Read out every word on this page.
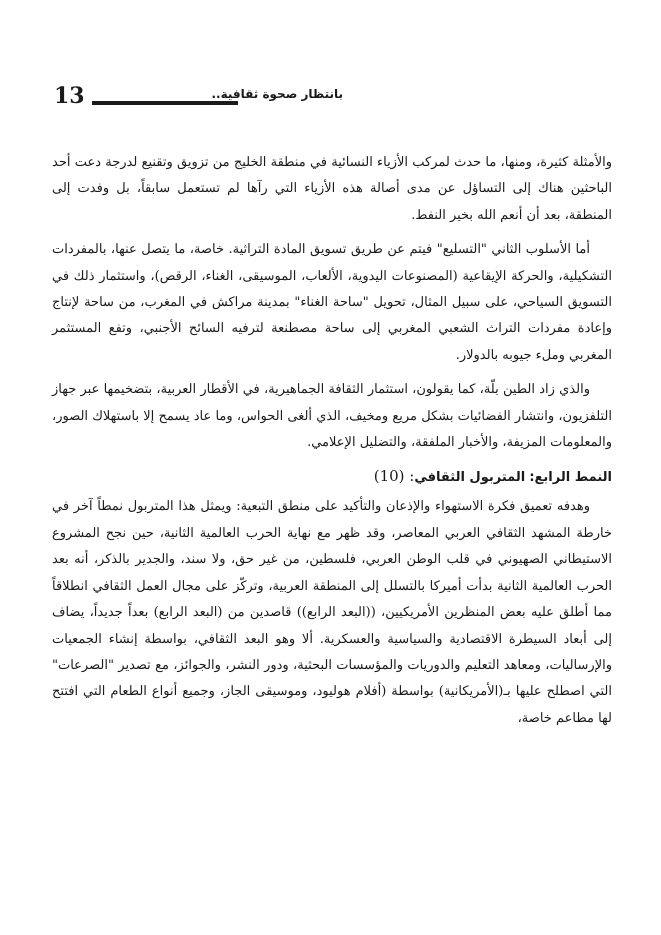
13	بانتظار صحوة ثقافية..

والأمثلة كثيرة، ومنها، ما حدث لمركب الأزياء النسائية في منطقة الخليج من تزويق وتقنيع لدرجة دعت أحد الباحثين هناك إلى التساؤل عن مدى أصالة هذه الأزياء التي رآها لم تستعمل سابقاً، بل وفدت إلى المنطقة، بعد أن أنعم الله بخير النفط.

أما الأسلوب الثاني "التسليع" فيتم عن طريق تسويق المادة التراثية. خاصة، ما يتصل عنها، بالمفردات التشكيلية، والحركة الإيقاعية (المصنوعات اليدوية، الألعاب، الموسيقى، الغناء، الرقص)، واستثمار ذلك في التسويق السياحي، على سبيل المثال، تحويل "ساحة الغناء" بمدينة مراكش في المغرب، من ساحة لإنتاج وإعادة مفردات التراث الشعبي المغربي إلى ساحة مصطنعة لترفيه السائح الأجنبي، وتفع المستثمر المغربي وملء جيوبه بالدولار.

والذي زاد الطين بلّة، كما يقولون، استثمار الثقافة الجماهيرية، في الأقطار العربية، بتضخيمها عبر جهاز التلفزيون، وانتشار الفضائيات بشكل مريع ومخيف، الذي ألغى الحواس، وما عاد يسمح إلا باستهلاك الصور، والمعلومات المزيفة، والأخبار الملفقة، والتضليل الإعلامي.

النمط الرابع: المتربول الثقافي: (10)

وهدفه تعميق فكرة الاستهواء والإذعان والتأكيد على منطق التبعية: ويمثل هذا المتربول نمطاً آخر في خارطة المشهد الثقافي العربي المعاصر، وقد ظهر مع نهاية الحرب العالمية الثانية، حين نجح المشروع الاستيطاني الصهيوني في قلب الوطن العربي، فلسطين، من غير حق، ولا سند، والجدير بالذكر، أنه بعد الحرب العالمية الثانية بدأت أميركا بالتسلل إلى المنطقة العربية، وتركّز على مجال العمل الثقافي انطلاقاً مما أطلق عليه بعض المنظرين الأمريكيين، ((البعد الرابع)) قاصدين من (البعد الرابع) بعداً جديداً، يضاف إلى أبعاد السيطرة الاقتصادية والسياسية والعسكرية. ألا وهو البعد الثقافي، بواسطة إنشاء الجمعيات والإرساليات، ومعاهد التعليم والدوريات والمؤسسات البحثية، ودور النشر، والجوائز، مع تصدير "الصرعات" التي اصطلح عليها بـ(الأمريكانية) بواسطة (أفلام هوليود، وموسيقى الجاز، وجميع أنواع الطعام التي افتتح لها مطاعم خاصة،
